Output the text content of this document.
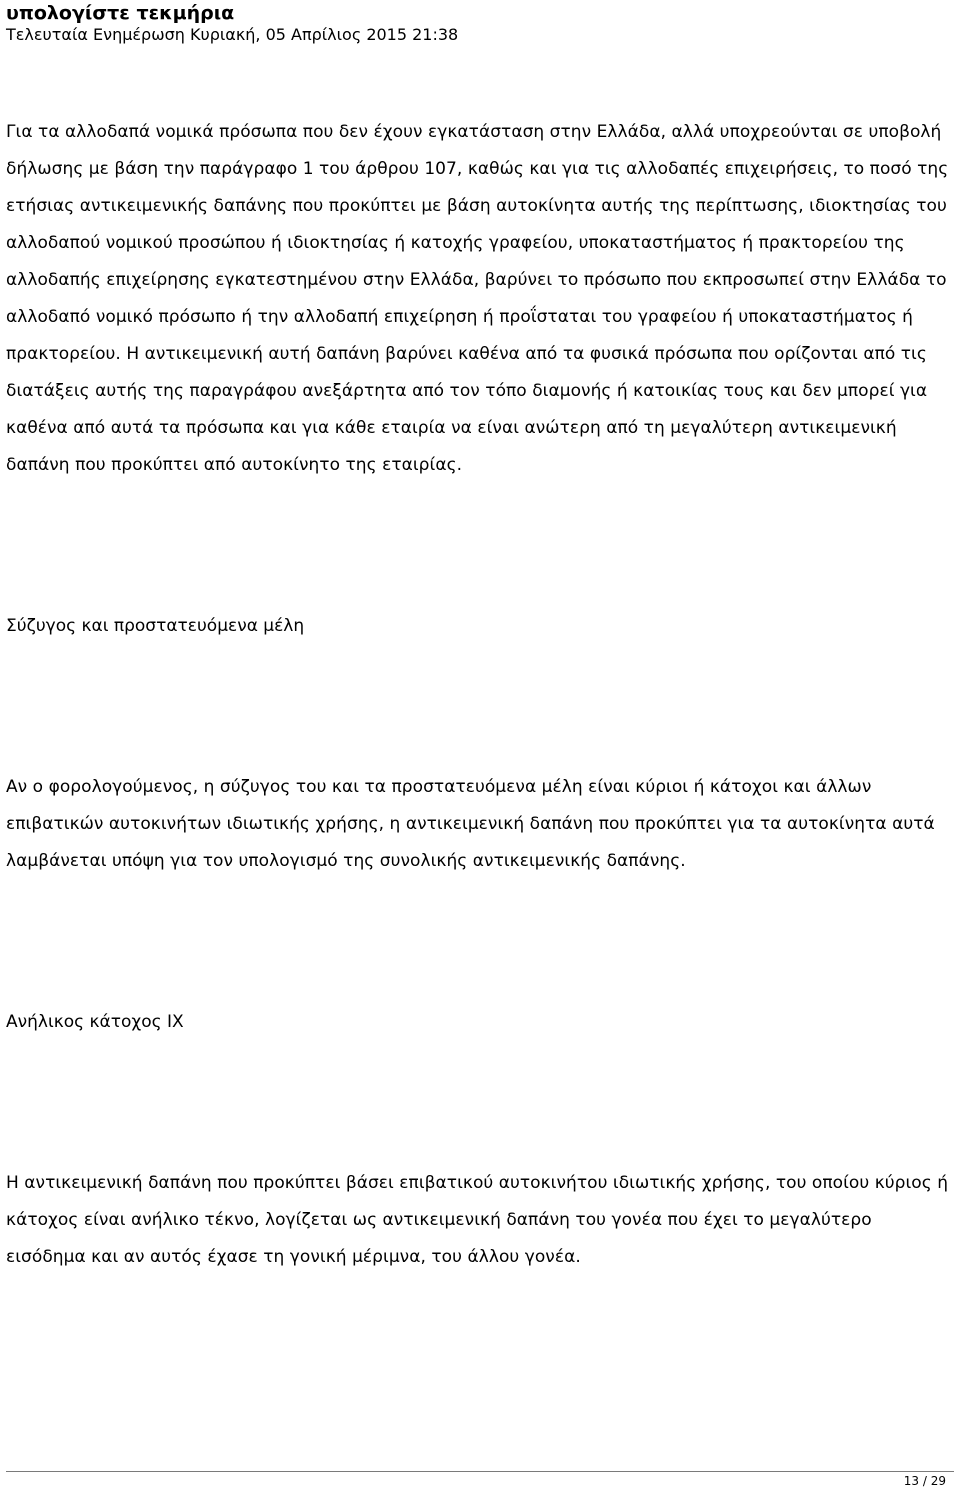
υπολογίστε τεκμήρια

Τελευταία Ενημέρωση Κυριακή, 05 Απρίλιος 2015 21:38

Για τα αλλοδαπά νομικά πρόσωπα που δεν έχουν εγκατάσταση στην Ελλάδα, αλλά υποχρεούνται σε υποβολή δήλωσης με βάση την παράγραφο 1 του άρθρου 107, καθώς και για τις αλλοδαπές επιχειρήσεις, το ποσό της ετήσιας αντικειμενικής δαπάνης που προκύπτει με βάση αυτοκίνητα αυτής της περίπτωσης, ιδιοκτησίας του αλλοδαπού νομικού προσώπου ή ιδιοκτησίας ή κατοχής γραφείου, υποκαταστήματος ή πρακτορείου της αλλοδαπής επιχείρησης εγκατεστημένου στην Ελλάδα, βαρύνει το πρόσωπο που εκπροσωπεί στην Ελλάδα το αλλοδαπό νομικό πρόσωπο ή την αλλοδαπή επιχείρηση ή προΐσταται του γραφείου ή υποκαταστήματος ή πρακτορείου. Η αντικειμενική αυτή δαπάνη βαρύνει καθένα από τα φυσικά πρόσωπα που ορίζονται από τις διατάξεις αυτής της παραγράφου ανεξάρτητα από τον τόπο διαμονής ή κατοικίας τους και δεν μπορεί για καθένα από αυτά τα πρόσωπα και για κάθε εταιρία να είναι ανώτερη από τη μεγαλύτερη αντικειμενική δαπάνη που προκύπτει από αυτοκίνητο της εταιρίας.

Σύζυγος και προστατευόμενα μέλη

Αν ο φορολογούμενος, η σύζυγος του και τα προστατευόμενα μέλη είναι κύριοι ή κάτοχοι και άλλων επιβατικών αυτοκινήτων ιδιωτικής χρήσης, η αντικειμενική δαπάνη που προκύπτει για τα αυτοκίνητα αυτά λαμβάνεται υπόψη για τον υπολογισμό της συνολικής αντικειμενικής δαπάνης.

Ανήλικος κάτοχος ΙΧ

Η αντικειμενική δαπάνη που προκύπτει βάσει επιβατικού αυτοκινήτου ιδιωτικής χρήσης, του οποίου κύριος ή κάτοχος είναι ανήλικο τέκνο, λογίζεται ως αντικειμενική δαπάνη του γονέα που έχει το μεγαλύτερο εισόδημα και αν αυτός έχασε τη γονική μέριμνα, του άλλου γονέα.

13 / 29
